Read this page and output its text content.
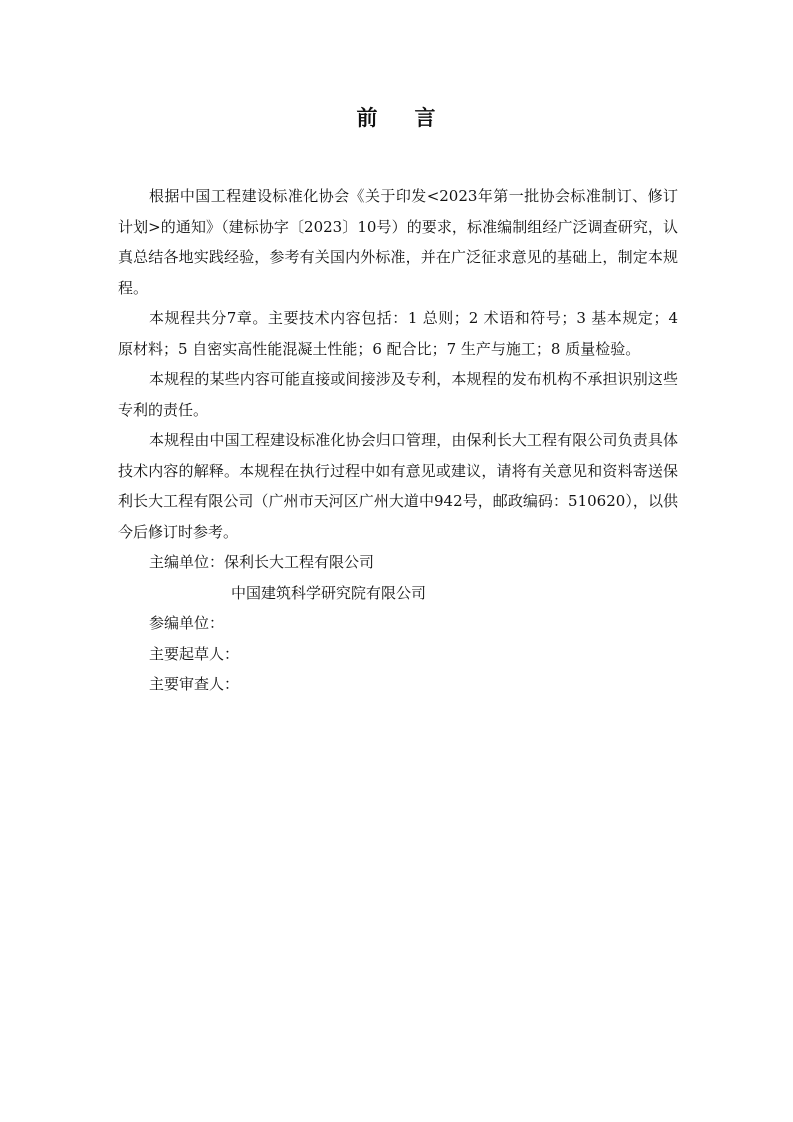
前 言

根据中国工程建设标准化协会《关于印发<2023年第一批协会标准制订、修订计划>的通知》（建标协字〔2023〕10号）的要求，标准编制组经广泛调查研究，认真总结各地实践经验，参考有关国内外标准，并在广泛征求意见的基础上，制定本规程。

本规程共分7章。主要技术内容包括：1 总则；2 术语和符号；3 基本规定；4 原材料；5 自密实高性能混凝土性能；6 配合比；7 生产与施工；8 质量检验。

本规程的某些内容可能直接或间接涉及专利，本规程的发布机构不承担识别这些专利的责任。

本规程由中国工程建设标准化协会归口管理，由保利长大工程有限公司负责具体技术内容的解释。本规程在执行过程中如有意见或建议，请将有关意见和资料寄送保利长大工程有限公司（广州市天河区广州大道中942号，邮政编码：510620），以供今后修订时参考。

主编单位：保利长大工程有限公司

中国建筑科学研究院有限公司

参编单位：

主要起草人：

主要审查人：
